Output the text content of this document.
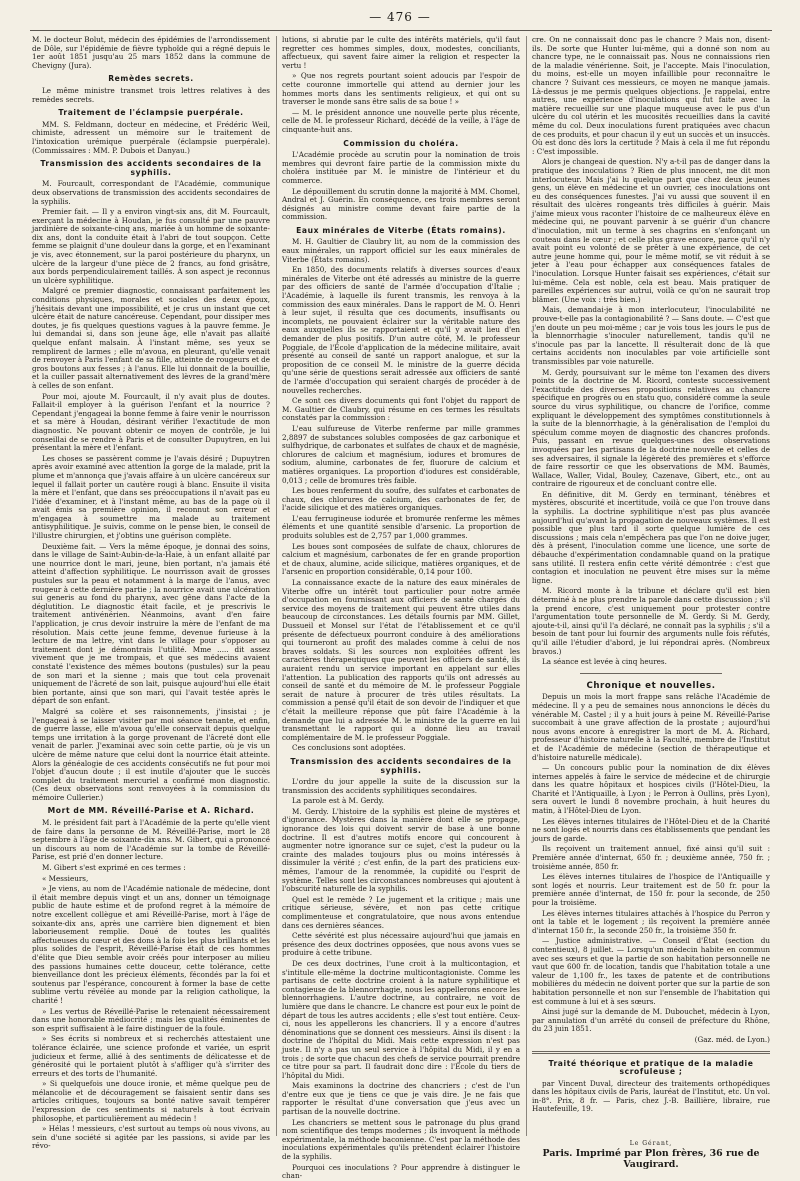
— 476 —

M. le docteur Bolut, médecin des épidémies de l'arrondissement de Dôle, sur l'épidémie de fièvre typhoïde qui a régné depuis le 1er août 1851 jusqu'au 25 mars 1852 dans la commune de Chevigny (Jura).

Remèdes secrets.

Le même ministre transmet trois lettres relatives à des remèdes secrets.

Traitement de l'éclampsie puerpérale.

MM. S. Feldmann, docteur en médecine, et Frédéric Weil, chimiste, adressent un mémoire sur le traitement de l'intoxication urémique puerpérale (éclampsie puerpérale). (Commissaires : MM. P. Dubois et Danyau.)

Transmission des accidents secondaires de la syphilis.

M. Fourcault, correspondant de l'Académie, communique deux observations de transmission des accidents secondaires de la syphilis.

Premier fait. — Il y a environ vingt-six ans, dit M. Fourcault, exerçant la médecine à Houdan, je fus consulté par une pauvre jardinière de soixante-cinq ans, mariée à un homme de soixante-dix ans, dont la conduite était à l'abri de tout soupçon. Cette femme se plaignit d'une douleur dans la gorge, et en l'examinant je vis, avec étonnement, sur la paroi postérieure du pharynx, un ulcère de la largeur d'une pièce de 2 francs, au fond grisâtre, aux bords perpendiculairement taillés. À son aspect je reconnus un ulcère syphilitique.

Malgré ce premier diagnostic, connaissant parfaitement les conditions physiques, morales et sociales des deux époux, j'hésitais devant une impossibilité, et je crus un instant que cet ulcère était de nature cancéreuse. Cependant, pour dissiper mes doutes, je fis quelques questions vagues à la pauvre femme. Je lui demandai si, dans son jeune âge, elle n'avait pas allaité quelque enfant malsain. À l'instant même, ses yeux se remplirent de larmes ; elle m'avoua, en pleurant, qu'elle venait de renvoyer à Paris l'enfant de sa fille, atteinte de rougeurs et de gros boutons aux fesses ; à l'anus. Elle lui donnait de la bouillie, et la cuiller passait alternativement des lèvres de la grand'mère à celles de son enfant.

Pour moi, ajoute M. Fourcault, il n'y avait plus de doutes. Fallait-il employer à la guérison l'enfant et la nourrice ? Cependant j'engageai la bonne femme à faire venir le nourrisson et sa mère à Houdan, désirant vérifier l'exactitude de mon diagnostic. Ne pouvant obtenir ce moyen de contrôle, je lui conseillai de se rendre à Paris et de consulter Dupuytren, en lui présentant la mère et l'enfant.

Les choses se passèrent comme je l'avais désiré ; Dupuytren après avoir examiné avec attention la gorge de la malade, prit la plume et m'annonça que j'avais affaire à un ulcère cancéreux sur lequel il fallait porter un cautère rougi à blanc. Ensuite il visita la mère et l'enfant, que dans ses préoccupations il n'avait pas eu l'idée d'examiner, et à l'instant même, au bas de la page où il avait émis sa première opinion, il reconnut son erreur et m'engagea à soumettre ma malade au traitement antisyphilitique. Je suivis, comme on le pense bien, le conseil de l'illustre chirurgien, et j'obtins une guérison complète.

Deuxième fait. — Vers la même époque, je donnai des soins, dans le village de Saint-Aubin-de-la-Haie, à un enfant allaité par une nourrice dont le mari, jeune, bien portant, n'a jamais été atteint d'affection syphilitique. Le nourrisson avait de grosses pustules sur la peau et notamment à la marge de l'anus, avec rougeur à cette dernière partie ; la nourrice avait une ulcération sui generis au fond du pharynx, avec gêne dans l'acte de la déglutition. Le diagnostic était facile, et je prescrivis le traitement antivénérien. Néanmoins, avant d'en faire l'application, je crus devoir instruire la mère de l'enfant de ma résolution. Mais cette jeune femme, devenue furieuse à la lecture de ma lettre, vint dans le village pour s'opposer au traitement dont je démontrais l'utilité. Mme ..... dit assez vivement que je me trompais, et que ses médecins avaient constaté l'existence des mêmes boutons (pustules) sur la peau de son mari et la sienne ; mais que tout cela provenait uniquement de l'âcreté de son lait, puisque aujourd'hui elle était bien portante, ainsi que son mari, qui l'avait testée après le départ de son enfant.

Malgré sa colère et ses raisonnements, j'insistai ; je l'engageai à se laisser visiter par moi séance tenante, et enfin, de guerre lasse, elle m'avoua qu'elle conservait depuis quelque temps une irritation à la gorge provenant de l'âcreté dont elle venait de parler. J'examinai avec soin cette partie, où je vis un ulcère de même nature que celui dont la nourrice était atteinte. Alors la généalogie de ces accidents consécutifs ne fut pour moi l'objet d'aucun doute ; il est inutile d'ajouter que le succès complet du traitement mercuriel a confirmé mon diagnostic. (Ces deux observations sont renvoyées à la commission du mémoire Cullerier.)

Mort de MM. Réveillé-Parise et A. Richard.

M. le président fait part à l'Académie de la perte qu'elle vient de faire dans la personne de M. Réveillé-Parise, mort le 28 septembre à l'âge de soixante-dix ans. M. Gibert, qui a prononcé un discours au nom de l'Académie sur la tombe de Réveillé-Parise, est prié d'en donner lecture.

M. Gibert s'est exprimé en ces termes :

« Messieurs,

» Je viens, au nom de l'Académie nationale de médecine, dont il était membre depuis vingt et un ans, donner un témoignage public de haute estime et de profond regret à la mémoire de notre excellent collègue et ami Réveillé-Parise, mort à l'âge de soixante-dix ans, après une carrière bien dignement et bien laborieusement remplie. Doué de toutes les qualités affectueuses du cœur et des dons à la fois les plus brillants et les plus solides de l'esprit, Réveillé-Parise était de ces hommes d'élite que Dieu semble avoir créés pour interposer au milieu des passions humaines cette douceur, cette tolérance, cette bienveillance dont les précieux éléments, fécondés par la foi et soutenus par l'espérance, concourent à former la base de cette sublime vertu révélée au monde par la religion catholique, la charité !

» Les vertus de Réveillé-Parise le retenaient nécessairement dans une honorable médiocrité ; mais les qualités éminentes de son esprit suffisaient à le faire distinguer de la foule.

» Ses écrits si nombreux et si recherchés attestaient une tolérance éclairée, une science profonde et variée, un esprit judicieux et ferme, allié à des sentiments de délicatesse et de générosité qui le portaient plutôt à s'affliger qu'à s'irriter des erreurs et des torts de l'humanité.

» Si quelquefois une douce ironie, et même quelque peu de mélancolie et de découragement se faisaient sentir dans ses articles critiques, toujours sa bonté native savait tempérer l'expression de ces sentiments si naturels à tout écrivain philosophe, et particulièrement au médecin !

» Hélas ! messieurs, c'est surtout au temps où nous vivons, au sein d'une société si agitée par les passions, si avide par les révo-

lutions, si abrutie par le culte des intérêts matériels, qu'il faut regretter ces hommes simples, doux, modestes, conciliants, affectueux, qui savent faire aimer la religion et respecter la vertu !

» Que nos regrets pourtant soient adoucis par l'espoir de cette couronne immortelle qui attend au dernier jour les hommes morts dans les sentiments religieux, et qui ont su traverser le monde sans être salis de sa boue ! »

— M. le président annonce une nouvelle perte plus récente, celle de M. le professeur Richard, décédé de la veille, à l'âge de cinquante-huit ans.

Commission du choléra.

L'Académie procède au scrutin pour la nomination de trois membres qui devront faire partie de la commission mixte du choléra instituée par M. le ministre de l'intérieur et du commerce.

Le dépouillement du scrutin donne la majorité à MM. Chomel, Andral et J. Guérin. En conséquence, ces trois membres seront désignés au ministre comme devant faire partie de la commission.

Eaux minérales de Viterbe (États romains).

M. H. Gaultier de Claubry lit, au nom de la commission des eaux minérales, un rapport officiel sur les eaux minérales de Viterbe (États romains).

En 1850, des documents relatifs à diverses sources d'eaux minérales de Viterbe ont été adressés au ministre de la guerre par des officiers de santé de l'armée d'occupation d'Italie ; l'Académie, à laquelle ils furent transmis, les renvoya à la commission des eaux minérales. Dans le rapport de M. O. Henri à leur sujet, il résulta que ces documents, insuffisants ou incomplets, ne pouvaient éclairer sur la véritable nature des eaux auxquelles ils se rapportaient et qu'il y avait lieu d'en demander de plus positifs. D'un autre côté, M. le professeur Poggiale, de l'École d'application de la médecine militaire, avait présenté au conseil de santé un rapport analogue, et sur la proposition de ce conseil M. le ministre de la guerre décida qu'une série de questions serait adressée aux officiers de santé de l'armée d'occupation qui seraient chargés de procéder à de nouvelles recherches.

Ce sont ces divers documents qui font l'objet du rapport de M. Gaultier de Claubry, qui résume en ces termes les résultats constatés par la commission :

L'eau sulfureuse de Viterbe renferme par mille grammes 2,8897 de substances solubles composées de gaz carbonique et sulfhydrique, de carbonates et sulfates de chaux et de magnésie, chlorures de calcium et magnésium, iodures et bromures de sodium, alumine, carbonates de fer, fluorure de calcium et matières organiques. La proportion d'iodures est considérable, 0,013 ; celle de bromures très faible.

Les boues renferment du soufre, des sulfates et carbonates de chaux, des chlorures de calcium, des carbonates de fer, de l'acide silicique et des matières organiques.

L'eau ferrugineuse iodurée et bromurée renferme les mêmes éléments et une quantité sensible d'arsenic. La proportion de produits solubles est de 2,757 par 1,000 grammes.

Les boues sont composées de sulfate de chaux, chlorures de calcium et magnésium, carbonates de fer en grande proportion et de chaux, alumine, acide silicique, matières organiques, et de l'arsenic en proportion considérable, 0,14 pour 100.

La connaissance exacte de la nature des eaux minérales de Viterbe offre un intérêt tout particulier pour notre armée d'occupation en fournissant aux officiers de santé chargés du service des moyens de traitement qui peuvent être utiles dans beaucoup de circonstances. Les détails fournis par MM. Gillet, Dussueil et Monsel sur l'état de l'établissement et ce qu'il présente de défectueux pourront conduire à des améliorations qui tourneront au profit des malades comme à celui de nos braves soldats. Si les sources non exploitées offrent les caractères thérapeutiques que peuvent les officiers de santé, ils auraient rendu un service important en appelant sur elles l'attention. La publication des rapports qu'ils ont adressés au conseil de santé et du mémoire de M. le professeur Poggiale serait de nature à procurer de très utiles résultats. La commission a pensé qu'il était de son devoir de l'indiquer et que c'était la meilleure réponse que pût faire l'Académie à la demande que lui a adressée M. le ministre de la guerre en lui transmettant le rapport qui a donné lieu au travail complémentaire de M. le professeur Poggiale.

Ces conclusions sont adoptées.

Transmission des accidents secondaires de la syphilis.

L'ordre du jour appelle la suite de la discussion sur la transmission des accidents syphilitiques secondaires.

La parole est à M. Gerdy.

M. Gerdy. L'histoire de la syphilis est pleine de mystères et d'ignorance. Mystères dans la manière dont elle se propage, ignorance des lois qui doivent servir de base à une bonne doctrine. Il est d'autres motifs encore qui concourent à augmenter notre ignorance sur ce sujet, c'est la pudeur ou la crainte des malades toujours plus ou moins intéressés à dissimuler la vérité ; c'est enfin, de la part des praticiens eux-mêmes, l'amour de la renommée, la cupidité ou l'esprit de système. Telles sont les circonstances nombreuses qui ajoutent à l'obscurité naturelle de la syphilis.

Quel est le remède ? Le jugement et la critique ; mais une critique sérieuse, sévère, et non pas cette critique complimenteuse et congratulatoire, que nous avons entendue dans ces dernières séances.

Cette sévérité est plus nécessaire aujourd'hui que jamais en présence des deux doctrines opposées, que nous avons vues se produire à cette tribune.

De ces deux doctrines, l'une croit à la multicontagion, et s'intitule elle-même la doctrine multicontagioniste. Comme les partisans de cette doctrine croient à la nature syphilitique et contagieuse de la blennorrhagie, nous les appellerons encore les blennorrhagiens. L'autre doctrine, au contraire, ne voit de lumière que dans le chancre. Le chancre est pour eux le point de départ de tous les autres accidents ; elle s'est tout entière. Ceux-ci, nous les appellerons les chancriers. Il y a encore d'autres dénominations que se donnent ces messieurs. Ainsi ils disent : la doctrine de l'hôpital du Midi. Mais cette expression n'est pas juste. Il n'y a pas un seul service à l'hôpital du Midi, il y en a trois ; de sorte que chacun des chefs de service pourrait prendre ce titre pour sa part. Il faudrait donc dire : l'École du tiers de l'hôpital du Midi.

Mais examinons la doctrine des chancriers ; c'est de l'un d'entre eux que je tiens ce que je vais dire. Je ne fais que rapporter le résultat d'une conversation que j'eus avec un partisan de la nouvelle doctrine.

Les chancriers se mettent sous le patronage du plus grand nom scientifique des temps modernes ; ils invoquent la méthode expérimentale, la méthode baconienne. C'est par la méthode des inoculations expérimentales qu'ils prétendent éclairer l'histoire de la syphilis.

Pourquoi ces inoculations ? Pour apprendre à distinguer le chan-

cre. On ne connaissait donc pas le chancre ? Mais non, disent-ils. De sorte que Hunter lui-même, qui a donné son nom au chancre type, ne le connaissait pas. Nous ne connaissions rien de la maladie vénérienne. Soit, je l'accepte. Mais l'inoculation, du moins, est-elle un moyen infaillible pour reconnaître le chancre ? Suivant ces messieurs, ce moyen ne manque jamais. Là-dessus je me permis quelques objections. Je rappelai, entre autres, une expérience d'inoculations qui fut faite avec la matière recueillie sur une plaque muqueuse avec le pus d'un ulcère du col utérin et les mucosités recueillies dans la cavité même du col. Deux inoculations furent pratiquées avec chacun de ces produits, et pour chacun il y eut un succès et un insuccès. Où est donc dès lors la certitude ? Mais à cela il me fut répondu : C'est impossible.

Alors je changeai de question. N'y a-t-il pas de danger dans la pratique des inoculations ? Rien de plus innocent, me dit mon interlocuteur. Mais j'ai lu quelque part que chez deux jeunes gens, un élève en médecine et un ouvrier, ces inoculations ont eu des conséquences funestes. J'ai vu aussi que souvent il en résultait des ulcères rongeants très difficiles à guérir. Mais j'aime mieux vous raconter l'histoire de ce malheureux élève en médecine qui, ne pouvant parvenir à se guérir d'un chancre d'inoculation, mit un terme à ses chagrins en s'enfonçant un couteau dans le cœur ; et celle plus grave encore, parce qu'il n'y avait point eu volonté de se prêter à une expérience, de cet autre jeune homme qui, pour le même motif, se vit réduit à se jeter à l'eau pour échapper aux conséquences fatales de l'inoculation. Lorsque Hunter faisait ses expériences, c'était sur lui-même. Cela est noble, cela est beau. Mais pratiquer de pareilles expériences sur autrui, voilà ce qu'on ne saurait trop blâmer. (Une voix : très bien.)

Mais, demandai-je à mon interlocuteur, l'inoculabilité ne prouve-t-elle pas la contagionabilité ? — Sans doute. — C'est que j'en doute un peu moi-même ; car je vois tous les jours le pus de la blennorrhagie s'inoculer naturellement, tandis qu'il ne s'inocule pas par la lancette. Il résulterait donc de là que certains accidents non inoculables par voie artificielle sont transmissibles par voie naturelle.

M. Gerdy, poursuivant sur le même ton l'examen des divers points de la doctrine de M. Ricord, conteste successivement l'exactitude des diverses propositions relatives au chancre spécifique en progrès ou en statu quo, considéré comme la seule source du virus syphilitique, ou chancre de l'orifice, comme expliquant le développement des symptômes constitutionnels à la suite de la blennorrhagie, à la généralisation de l'emploi du spéculum comme moyen de diagnostic des chancres profonds. Puis, passant en revue quelques-unes des observations invoquées par les partisans de la doctrine nouvelle et celles de ses adversaires, il signale la légèreté des premières et s'efforce de faire ressortir ce que les observations de MM. Baumès, Wallace, Waller, Vidal, Bouley, Cazenave, Gibert, etc., ont au contraire de rigoureux et de concluant contre elle.

En définitive, dit M. Gerdy en terminant, ténèbres et mystères, obscurité et incertitude, voilà ce que l'on trouve dans la syphilis. La doctrine syphilitique n'est pas plus avancée aujourd'hui qu'avant la propagation de nouveaux systèmes. Il est possible que plus tard il sorte quelque lumière de ces discussions ; mais cela n'empêchera pas que l'on ne doive juger, dès à présent, l'inoculation comme une licence, une sorte de débauche d'expérimentation condamnable quand on la pratique sans utilité. Il restera enfin cette vérité démontrée : c'est que contagion et inoculation ne peuvent être mises sur la même ligne.

M. Ricord monte à la tribune et déclare qu'il est bien déterminé à ne plus prendre la parole dans cette discussion ; s'il la prend encore, c'est uniquement pour protester contre l'argumentation toute personnelle de M. Gerdy. Si M. Gerdy, ajoute-t-il, ainsi qu'il l'a déclaré, ne connaît pas la syphilis ; s'il a besoin de tant pour lui fournir des arguments nulle fois réfutés, qu'il aille l'étudier d'abord, je lui répondrai après. (Nombreux bravos.)

La séance est levée à cinq heures.

Chronique et nouvelles.

Depuis un mois la mort frappe sans relâche l'Académie de médecine. Il y a peu de semaines nous annoncions le décès du vénérable M. Castel ; il y a huit jours à peine M. Réveillé-Parise succombait à une grave affection de la prostate ; aujourd'hui nous avons encore à enregistrer la mort de M. A. Richard, professeur d'histoire naturelle à la Faculté, membre de l'Institut et de l'Académie de médecine (section de thérapeutique et d'histoire naturelle médicale).

— Un concours public pour la nomination de dix élèves internes appelés à faire le service de médecine et de chirurgie dans les quatre hôpitaux et hospices civils (l'Hôtel-Dieu, la Charité et l'Antiquaille, à Lyon ; le Perron à Oullins, près Lyon), sera ouvert le lundi 8 novembre prochain, à huit heures du matin, à l'Hôtel-Dieu de Lyon.

Les élèves internes titulaires de l'Hôtel-Dieu et de la Charité ne sont logés et nourris dans ces établissements que pendant les jours de garde.

Ils reçoivent un traitement annuel, fixé ainsi qu'il suit : Première année d'internat, 650 fr. ; deuxième année, 750 fr. ; troisième année, 850 fr.

Les élèves internes titulaires de l'hospice de l'Antiquaille y sont logés et nourris. Leur traitement est de 50 fr. pour la première année d'internat, de 150 fr. pour la seconde, de 250 pour la troisième.

Les élèves internes titulaires attachés à l'hospice du Perron y ont la table et le logement ; ils reçoivent la première année d'internat 150 fr., la seconde 250 fr., la troisième 350 fr.

— Justice administrative. — Conseil d'État (section du contentieux), 8 juillet. — Lorsqu'un médecin habite en commun avec ses sœurs et que la partie de son habitation personnelle ne vaut que 600 fr. de location, tandis que l'habitation totale a une valeur de 1,100 fr., les taxes de patente et de contributions mobilières du médecin ne doivent porter que sur la partie de son habitation personnelle et non sur l'ensemble de l'habitation qui est commune à lui et à ses sœurs.

Ainsi jugé sur la demande de M. Dubouchet, médecin à Lyon, par annulation d'un arrêté du conseil de préfecture du Rhône, du 23 juin 1851.

(Gaz. méd. de Lyon.)

Traité théorique et pratique de la maladie scrofuleuse ;

par Vincent Duval, directeur des traitements orthopédiques dans les hôpitaux civils de Paris, lauréat de l'Institut, etc. Un vol. in-8°. Prix, 8 fr. — Paris, chez J.-B. Baillière, libraire, rue Hautefeuille, 19.

Le Gérant,
Paris. Imprimé par Plon frères, 36 rue de Vaugirard.
